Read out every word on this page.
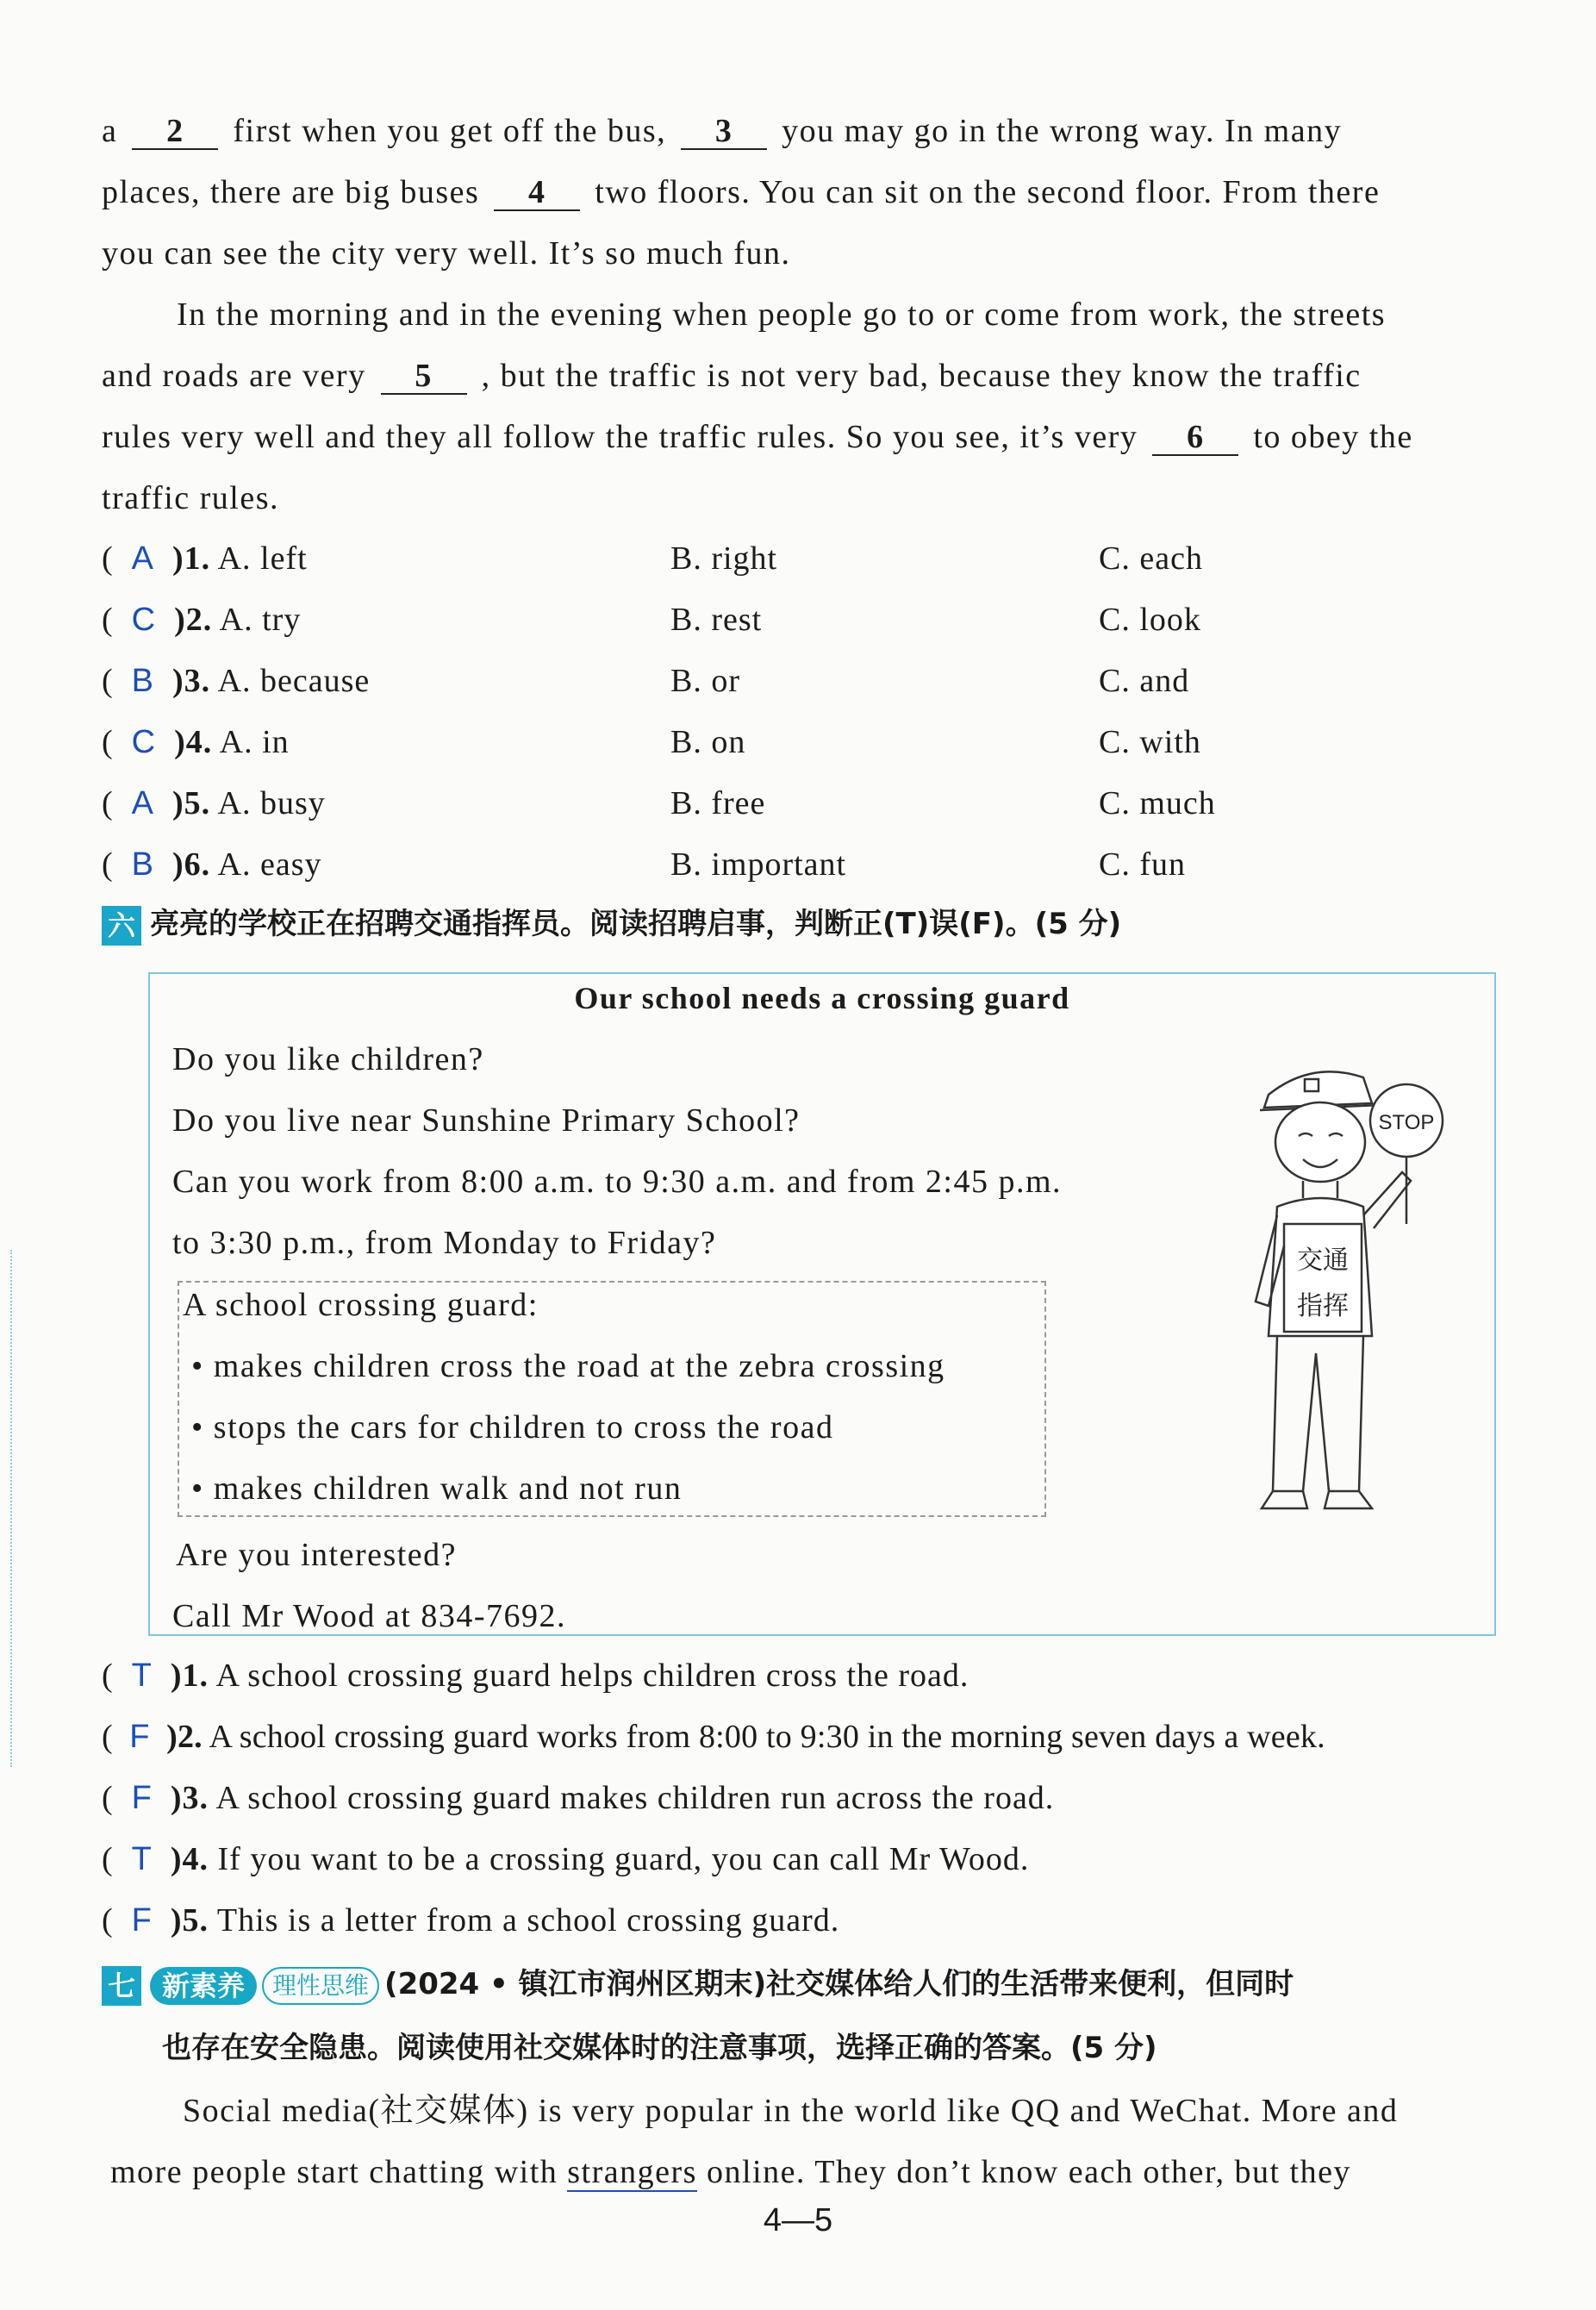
a 2 first when you get off the bus, 3 you may go in the wrong way. In many
places, there are big buses 4 two floors. You can sit on the second floor. From there
you can see the city very well. It’s so much fun.
In the morning and in the evening when people go to or come from work, the streets
and roads are very 5 , but the traffic is not very bad, because they know the traffic
rules very well and they all follow the traffic rules. So you see, it’s very 6 to obey the
traffic rules.
(  A )1. A. left	B. right	C. each
(  C )2. A. try	B. rest	C. look
(  B )3. A. because	B. or	C. and
(  C )4. A. in	B. on	C. with
(  A )5. A. busy	B. free	C. much
(  B )6. A. easy	B. important	C. fun
六 亮亮的学校正在招聘交通指挥员。阅读招聘启事，判断正(T)误(F)。(5 分)
Our school needs a crossing guard
Do you like children?
Do you live near Sunshine Primary School?
Can you work from 8:00 a.m. to 9:30 a.m. and from 2:45 p.m.
to 3:30 p.m., from Monday to Friday?
A school crossing guard:
• makes children cross the road at the zebra crossing
• stops the cars for children to cross the road
• makes children walk and not run
Are you interested?
Call Mr Wood at 834-7692.
STOP
交通
指挥
(  T )1. A school crossing guard helps children cross the road.
(  F )2. A school crossing guard works from 8:00 to 9:30 in the morning seven days a week.
(  F )3. A school crossing guard makes children run across the road.
(  T )4. If you want to be a crossing guard, you can call Mr Wood.
(  F )5. This is a letter from a school crossing guard.
七 新素养 理性思维 (2024 • 镇江市润州区期末)社交媒体给人们的生活带来便利，但同时
也存在安全隐患。阅读使用社交媒体时的注意事项，选择正确的答案。(5 分)
Social media(社交媒体) is very popular in the world like QQ and WeChat. More and
more people start chatting with strangers online. They don’t know each other, but they
4—5
